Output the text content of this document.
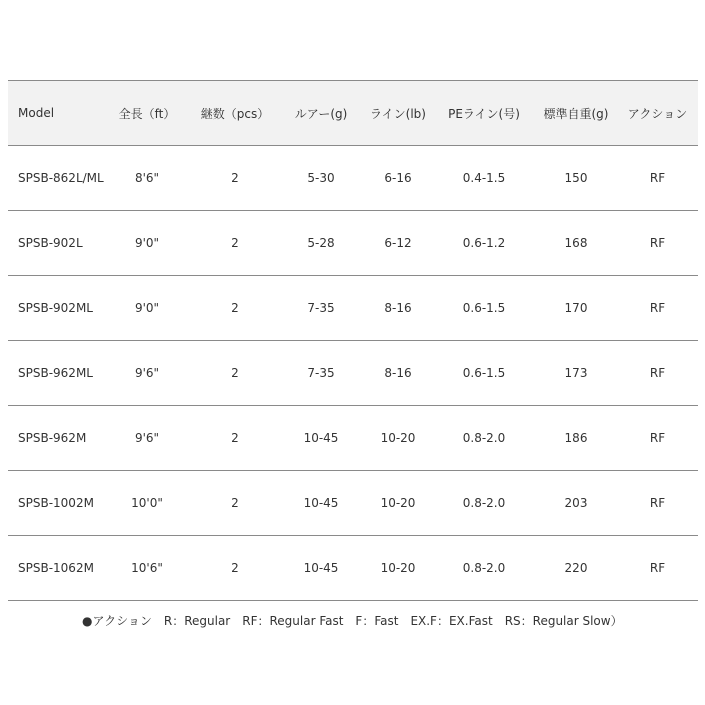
Model	全長（ft）	継数（pcs）	ルアー(g)	ライン(lb)	PEライン(号)	標準自重(g)	アクション
SPSB-862L/ML	8'6"	2	5-30	6-16	0.4-1.5	150	RF
SPSB-902L	9'0"	2	5-28	6-12	0.6-1.2	168	RF
SPSB-902ML	9'0"	2	7-35	8-16	0.6-1.5	170	RF
SPSB-962ML	9'6"	2	7-35	8-16	0.6-1.5	173	RF
SPSB-962M	9'6"	2	10-45	10-20	0.8-2.0	186	RF
SPSB-1002M	10'0"	2	10-45	10-20	0.8-2.0	203	RF
SPSB-1062M	10'6"	2	10-45	10-20	0.8-2.0	220	RF
●アクション　R：Regular　RF：Regular Fast　F：Fast　EX.F：EX.Fast　RS：Regular Slow）
